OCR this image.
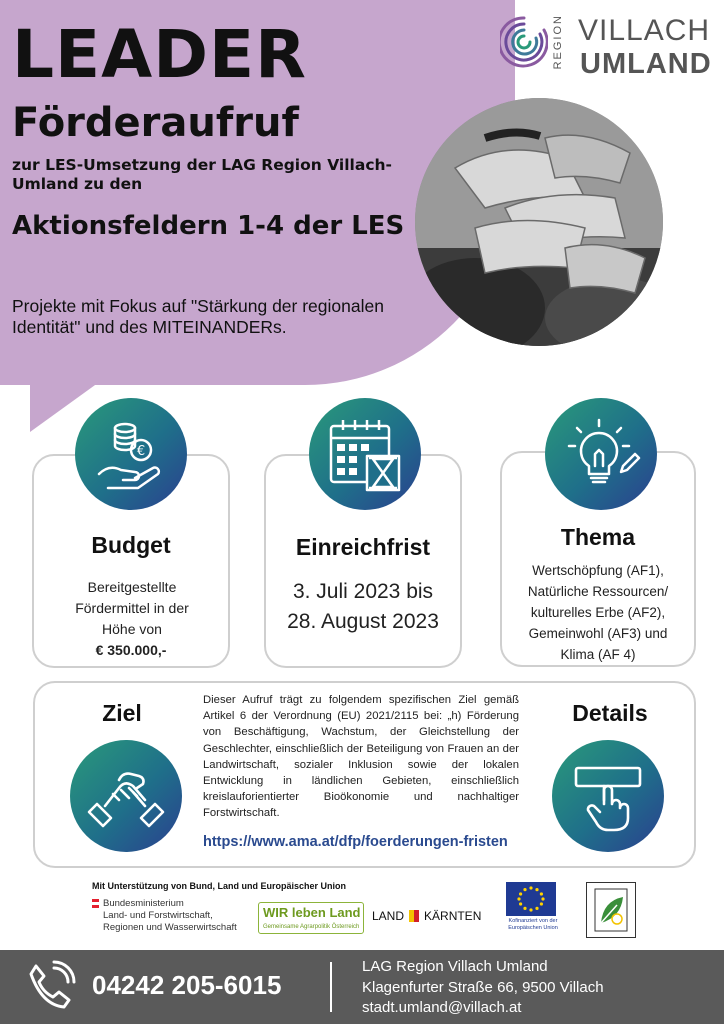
LEADER
Förderaufruf
zur LES-Umsetzung der LAG Region Villach-Umland zu den
Aktionsfeldern 1-4 der LES
Projekte mit Fokus auf "Stärkung der regionalen Identität" und des MITEINANDERs.
REGION VILLACH
UMLAND
€
Budget
Bereitgestellte Fördermittel in der Höhe von
€ 350.000,-
Einreichfrist
3. Juli 2023 bis
28. August 2023
Thema
Wertschöpfung (AF1), Natürliche Ressourcen/ kulturelles Erbe (AF2), Gemeinwohl (AF3) und Klima (AF 4)
Ziel	Dieser Aufruf trägt zu folgendem spezifischen Ziel gemäß Artikel 6 der Verordnung (EU) 2021/2115 bei: „h) Förderung von Beschäftigung, Wachstum, der Gleichstellung der Geschlechter, einschließlich der Beteiligung von Frauen an der Landwirtschaft, sozialer Inklusion sowie der lokalen Entwicklung in ländlichen Gebieten, einschließlich kreislauforientierter Bioökonomie und nachhaltiger Forstwirtschaft.
https://www.ama.at/dfp/foerderungen-fristen
Details
Mit Unterstützung von Bund, Land und Europäischer Union
Bundesministerium
Land- und Forstwirtschaft,
Regionen und Wasserwirtschaft
WIR leben Land
Gemeinsame Agrarpolitik Österreich
LAND KÄRNTEN	Kofinanziert von der Europäischen Union
04242 205-6015
LAG Region Villach Umland
Klagenfurter Straße 66, 9500 Villach
stadt.umland@villach.at
